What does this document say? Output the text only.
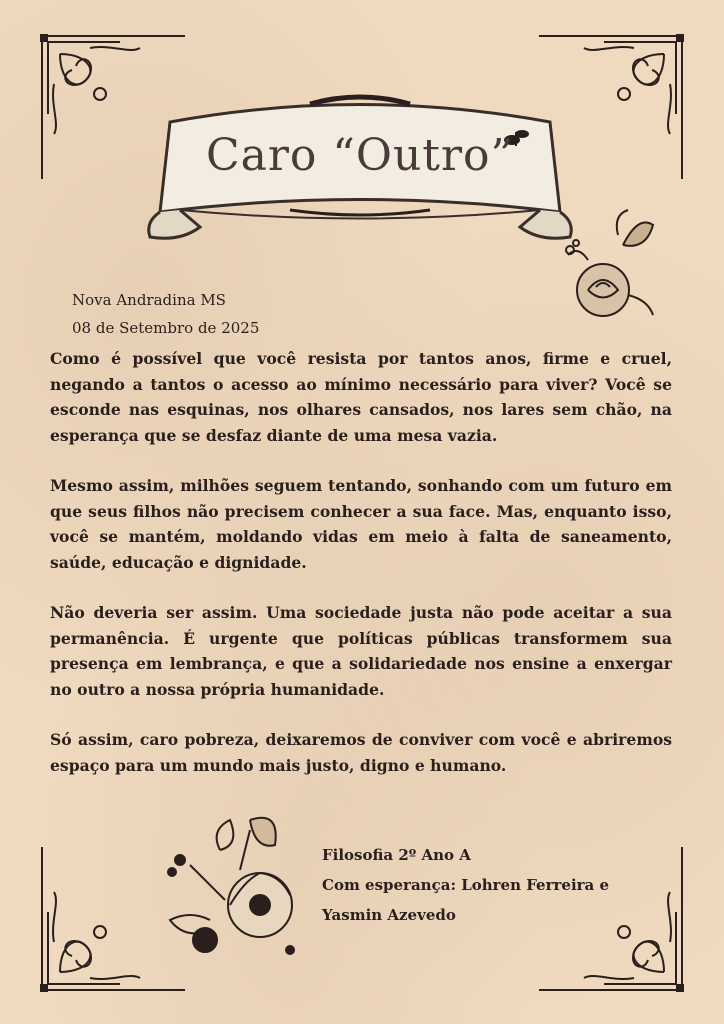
Caro “Outro”
Nova Andradina MS
08 de Setembro de 2025

Como é possível que você resista por tantos anos, firme e cruel, negando a tantos o acesso ao mínimo necessário para viver? Você se esconde nas esquinas, nos olhares cansados, nos lares sem chão, na esperança que se desfaz diante de uma mesa vazia.

Mesmo assim, milhões seguem tentando, sonhando com um futuro em que seus filhos não precisem conhecer a sua face. Mas, enquanto isso, você se mantém, moldando vidas em meio à falta de saneamento, saúde, educação e dignidade.

Não deveria ser assim. Uma sociedade justa não pode aceitar a sua permanência. É urgente que políticas públicas transformem sua presença em lembrança, e que a solidariedade nos ensine a enxergar no outro a nossa própria humanidade.

Só assim, caro pobreza, deixaremos de conviver com você e abriremos espaço para um mundo mais justo, digno e humano.

Filosofia 2º Ano A
Com esperança: Lohren Ferreira e Yasmin Azevedo
